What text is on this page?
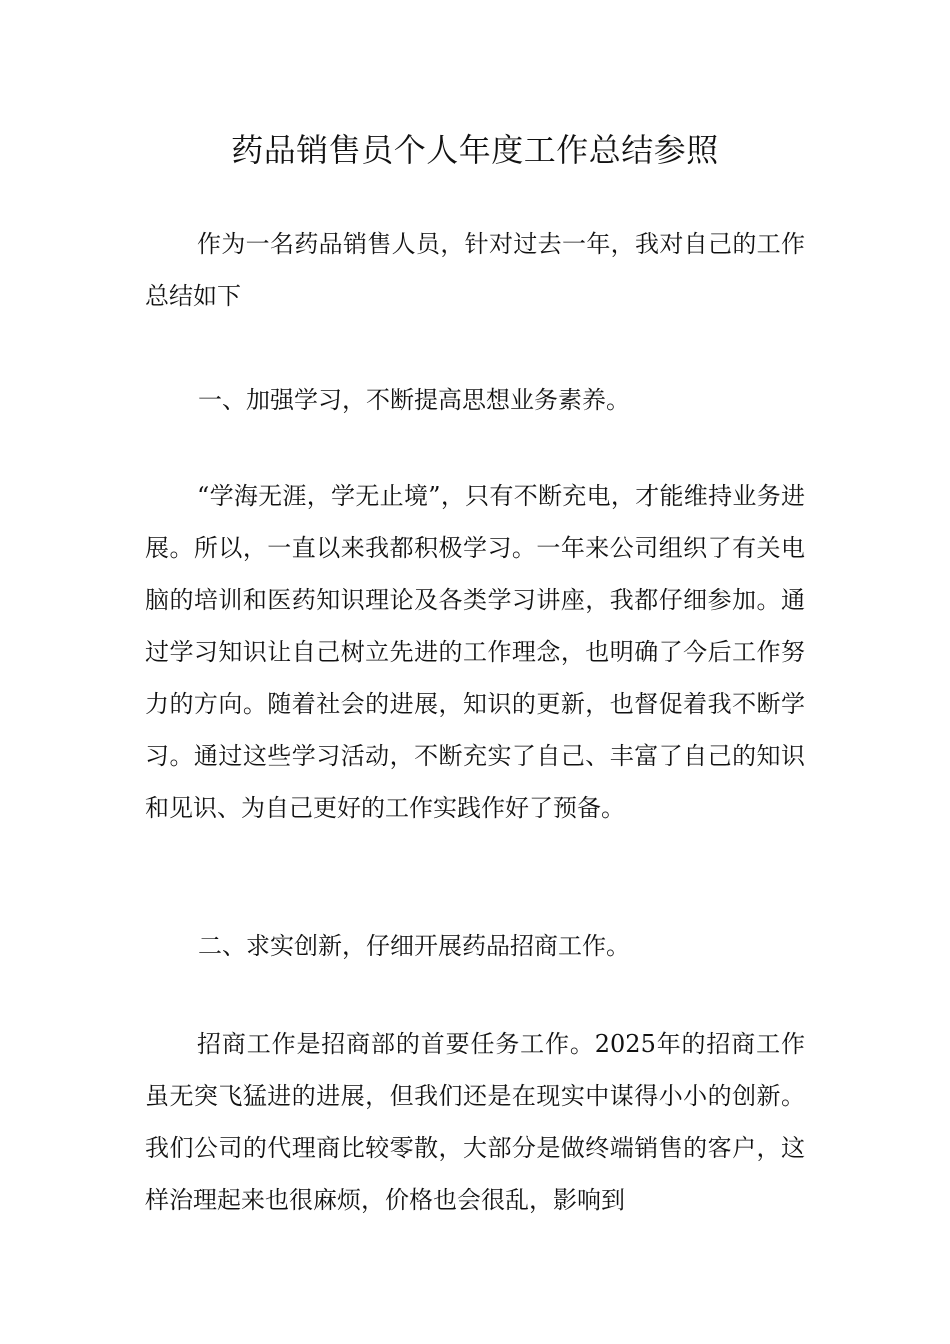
药品销售员个人年度工作总结参照

作为一名药品销售人员，针对过去一年，我对自己的工作总结如下

一、加强学习，不断提高思想业务素养。

“学海无涯，学无止境”，只有不断充电，才能维持业务进展。所以，一直以来我都积极学习。一年来公司组织了有关电脑的培训和医药知识理论及各类学习讲座，我都仔细参加。通过学习知识让自己树立先进的工作理念，也明确了今后工作努力的方向。随着社会的进展，知识的更新，也督促着我不断学习。通过这些学习活动，不断充实了自己、丰富了自己的知识和见识、为自己更好的工作实践作好了预备。

二、求实创新，仔细开展药品招商工作。

招商工作是招商部的首要任务工作。2025年的招商工作虽无突飞猛进的进展，但我们还是在现实中谋得小小的创新。我们公司的代理商比较零散，大部分是做终端销售的客户，这样治理起来也很麻烦，价格也会很乱，影响到
